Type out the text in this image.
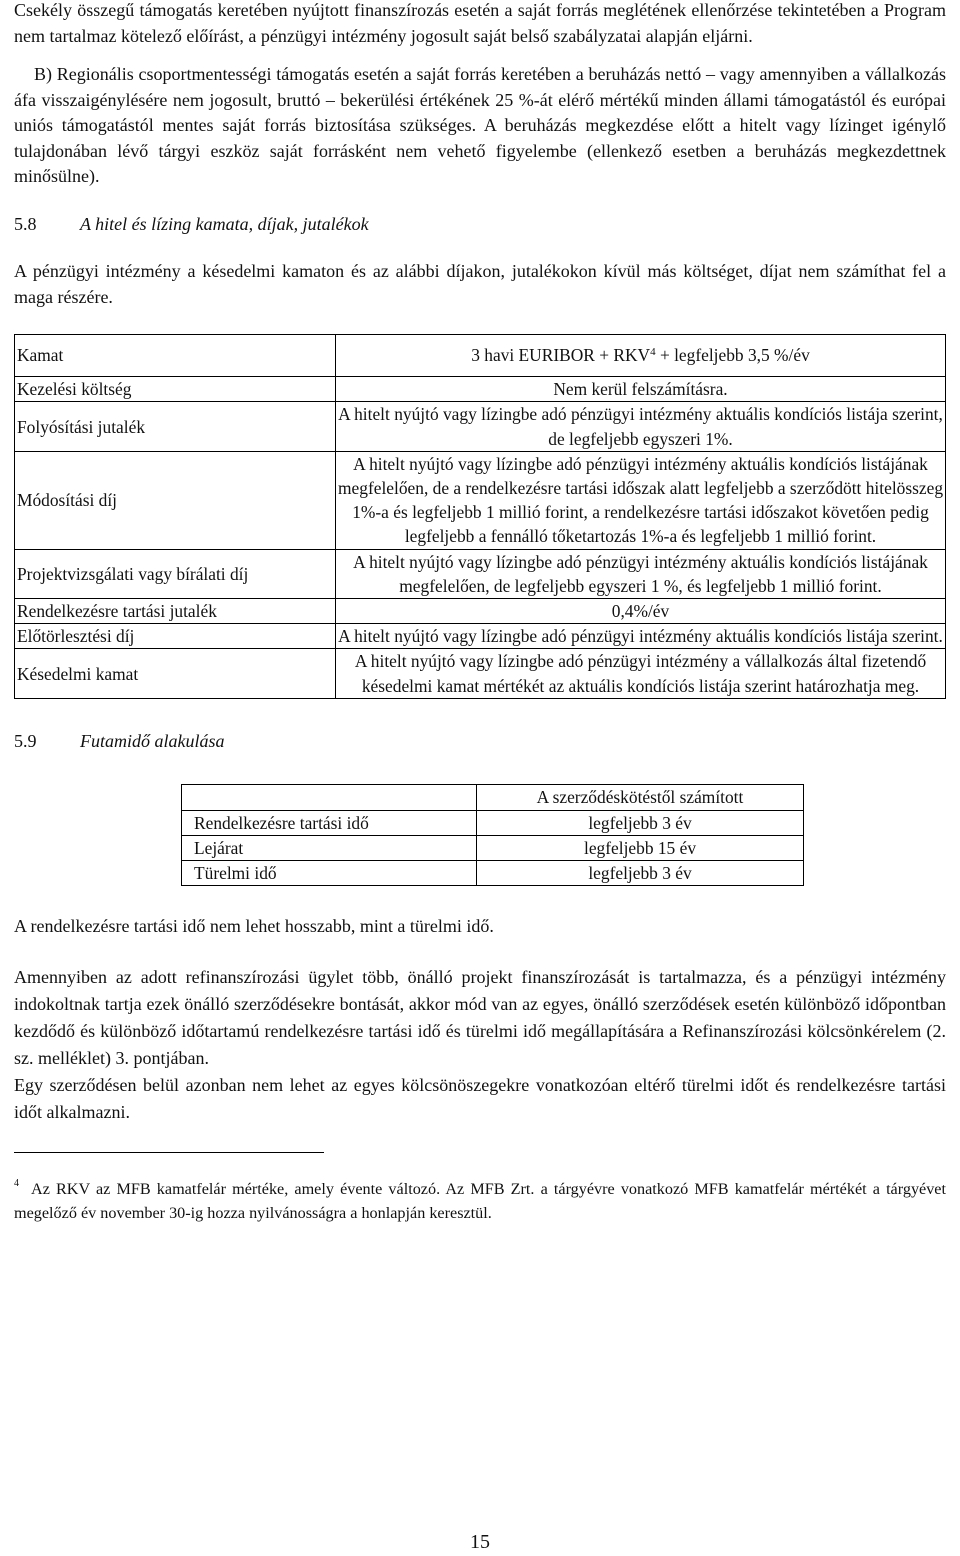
Csekély összegű támogatás keretében nyújtott finanszírozás esetén a saját forrás meglétének ellenőrzése tekintetében a Program nem tartalmaz kötelező előírást, a pénzügyi intézmény jogosult saját belső szabályzatai alapján eljárni.

B) Regionális csoportmentességi támogatás esetén a saját forrás keretében a beruházás nettó – vagy amennyiben a vállalkozás áfa visszaigénylésére nem jogosult, bruttó – bekerülési értékének 25 %-át elérő mértékű minden állami támogatástól és európai uniós támogatástól mentes saját forrás biztosítása szükséges. A beruházás megkezdése előtt a hitelt vagy lízinget igénylő tulajdonában lévő tárgyi eszköz saját forrásként nem vehető figyelembe (ellenkező esetben a beruházás megkezdettnek minősülne).

5.8 A hitel és lízing kamata, díjak, jutalékok

A pénzügyi intézmény a késedelmi kamaton és az alábbi díjakon, jutalékokon kívül más költséget, díjat nem számíthat fel a maga részére.

Kamat	3 havi EURIBOR + $RKV^4$ + legfeljebb 3,5 %/év
Kezelési költség	Nem kerül felszámításra.
Folyósítási jutalék	A hitelt nyújtó vagy lízingbe adó pénzügyi intézmény aktuális kondíciós listája szerint, de legfeljebb egyszeri 1%.
Módosítási díj	A hitelt nyújtó vagy lízingbe adó pénzügyi intézmény aktuális kondíciós listájának megfelelően, de a rendelkezésre tartási időszak alatt legfeljebb a szerződött hitelösszeg 1%-a és legfeljebb 1 millió forint, a rendelkezésre tartási időszakot követően pedig legfeljebb a fennálló tőketartozás 1%-a és legfeljebb 1 millió forint.
Projektvizsgálati vagy bírálati díj	A hitelt nyújtó vagy lízingbe adó pénzügyi intézmény aktuális kondíciós listájának megfelelően, de legfeljebb egyszeri 1 %, és legfeljebb 1 millió forint.
Rendelkezésre tartási jutalék	0,4%/év
Előtörlesztési díj	A hitelt nyújtó vagy lízingbe adó pénzügyi intézmény aktuális kondíciós listája szerint.
Késedelmi kamat	A hitelt nyújtó vagy lízingbe adó pénzügyi intézmény a vállalkozás által fizetendő késedelmi kamat mértékét az aktuális kondíciós listája szerint határozhatja meg.

5.9 Futamidő alakulása

	A szerződéskötéstől számított
Rendelkezésre tartási idő	legfeljebb 3 év
Lejárat	legfeljebb 15 év
Türelmi idő	legfeljebb 3 év

A rendelkezésre tartási idő nem lehet hosszabb, mint a türelmi idő.

Amennyiben az adott refinanszírozási ügylet több, önálló projekt finanszírozását is tartalmazza, és a pénzügyi intézmény indokoltnak tartja ezek önálló szerződésekre bontását, akkor mód van az egyes, önálló szerződések esetén különböző időpontban kezdődő és különböző időtartamú rendelkezésre tartási idő és türelmi idő megállapítására a Refinanszírozási kölcsönkérelem (2. sz. melléklet) 3. pontjában.

Egy szerződésen belül azonban nem lehet az egyes kölcsönöszegekre vonatkozóan eltérő türelmi időt és rendelkezésre tartási időt alkalmazni.

$^4$ Az RKV az MFB kamatfelár mértéke, amely évente változó. Az MFB Zrt. a tárgyévre vonatkozó MFB kamatfelár mértékét a tárgyévet megelőző év november 30-ig hozza nyilvánosságra a honlapján keresztül.

15
